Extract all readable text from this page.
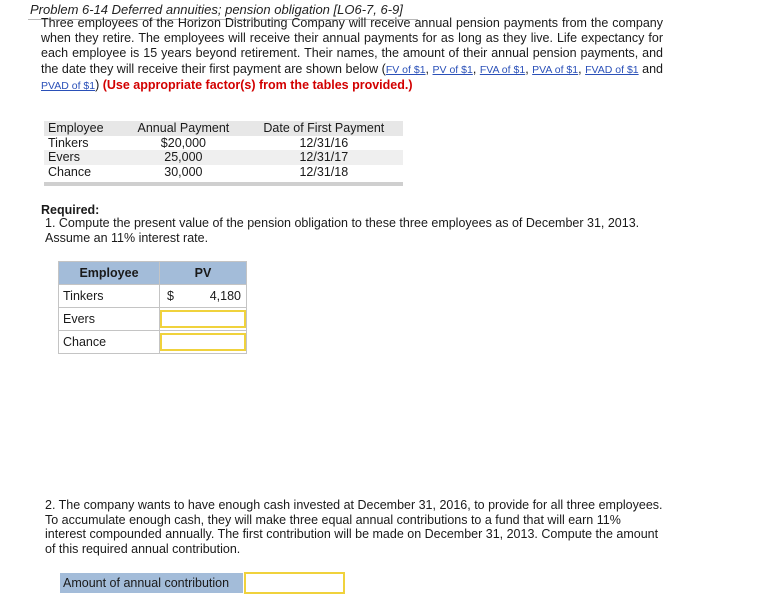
Problem 6-14 Deferred annuities; pension obligation [LO6-7, 6-9]
Three employees of the Horizon Distributing Company will receive annual pension payments from the company when they retire. The employees will receive their annual payments for as long as they live. Life expectancy for each employee is 15 years beyond retirement. Their names, the amount of their annual pension payments, and the date they will receive their first payment are shown below (FV of $1, PV of $1, FVA of $1, PVA of $1, FVAD of $1 and PVAD of $1) (Use appropriate factor(s) from the tables provided.)
Employee	Annual Payment	Date of First Payment
Tinkers	$20,000	12/31/16
Evers	25,000	12/31/17
Chance	30,000	12/31/18
Required:
1. Compute the present value of the pension obligation to these three employees as of December 31, 2013. Assume an 11% interest rate.
Employee	PV
Tinkers	$ 4,180

Evers	

Chance	
2. The company wants to have enough cash invested at December 31, 2016, to provide for all three employees. To accumulate enough cash, they will make three equal annual contributions to a fund that will earn 11% interest compounded annually. The first contribution will be made on December 31, 2013. Compute the amount of this required annual contribution.
Amount of annual contribution
